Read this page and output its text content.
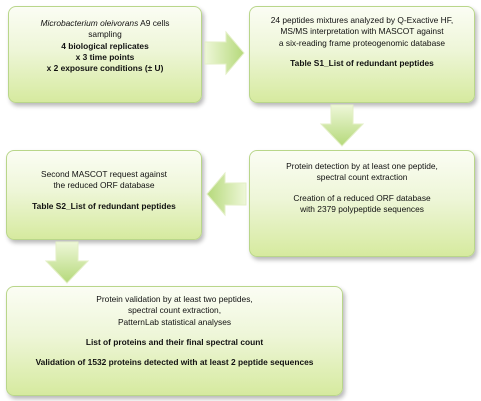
Microbacterium oleivorans A9 cells
sampling
4 biological replicates
x 3 time points
x 2 exposure conditions (± U)
24 peptides mixtures analyzed by Q-Exactive HF,
MS/MS interpretation with MASCOT against
a six-reading frame proteogenomic database
Table S1_List of redundant peptides
Protein detection by at least one peptide,
spectral count extraction
Creation of a reduced ORF database
with 2379 polypeptide sequences
Second MASCOT request against
the reduced ORF database
Table S2_List of redundant peptides
Protein validation by at least two peptides,
spectral count extraction,
PatternLab statistical analyses
List of proteins and their final spectral count
Validation of 1532 proteins detected with at least 2 peptide sequences
